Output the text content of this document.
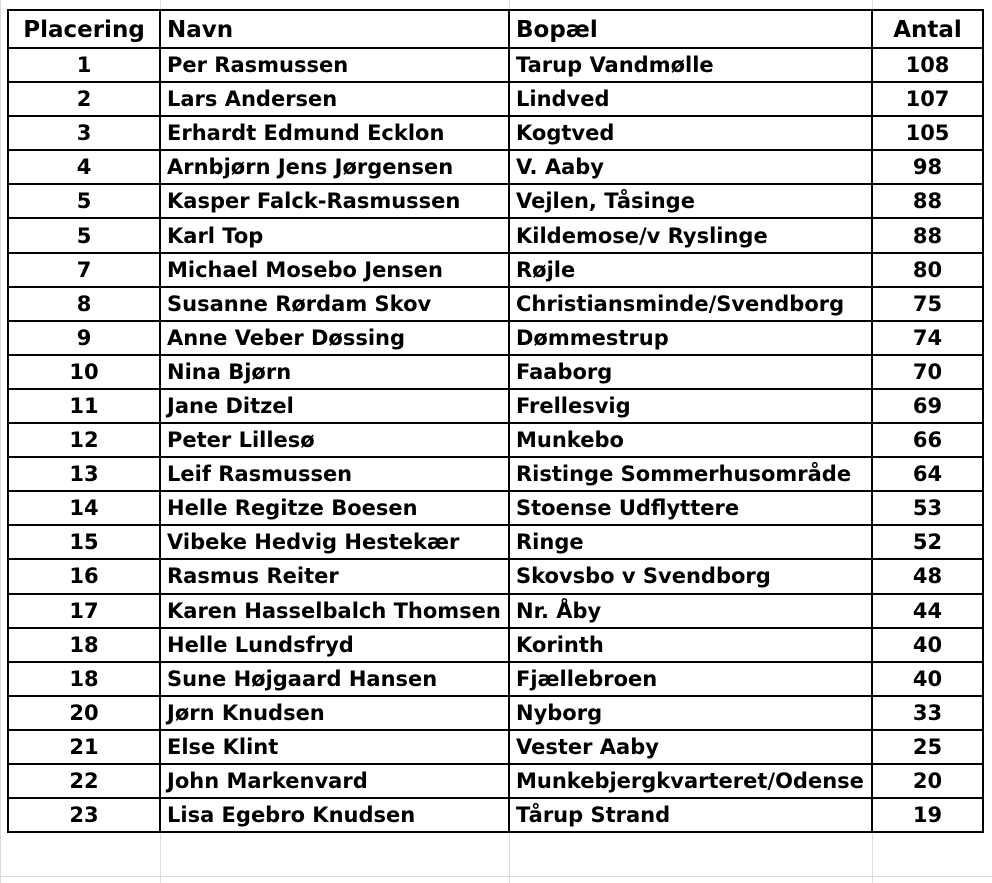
Placering	Navn	Bopæl	Antal
1	Per Rasmussen	Tarup Vandmølle	108
2	Lars Andersen	Lindved	107
3	Erhardt Edmund Ecklon	Kogtved	105
4	Arnbjørn Jens Jørgensen	V. Aaby	98
5	Kasper Falck-Rasmussen	Vejlen, Tåsinge	88
5	Karl Top	Kildemose/v Ryslinge	88
7	Michael Mosebo Jensen	Røjle	80
8	Susanne Rørdam Skov	Christiansminde/Svendborg	75
9	Anne Veber Døssing	Dømmestrup	74
10	Nina Bjørn	Faaborg	70
11	Jane Ditzel	Frellesvig	69
12	Peter Lillesø	Munkebo	66
13	Leif Rasmussen	Ristinge Sommerhusområde	64
14	Helle Regitze Boesen	Stoense Udflyttere	53
15	Vibeke Hedvig Hestekær	Ringe	52
16	Rasmus Reiter	Skovsbo v Svendborg	48
17	Karen Hasselbalch Thomsen	Nr. Åby	44
18	Helle Lundsfryd	Korinth	40
18	Sune Højgaard Hansen	Fjællebroen	40
20	Jørn Knudsen	Nyborg	33
21	Else Klint	Vester Aaby	25
22	John Markenvard	Munkebjergkvarteret/Odense	20
23	Lisa Egebro Knudsen	Tårup Strand	19
